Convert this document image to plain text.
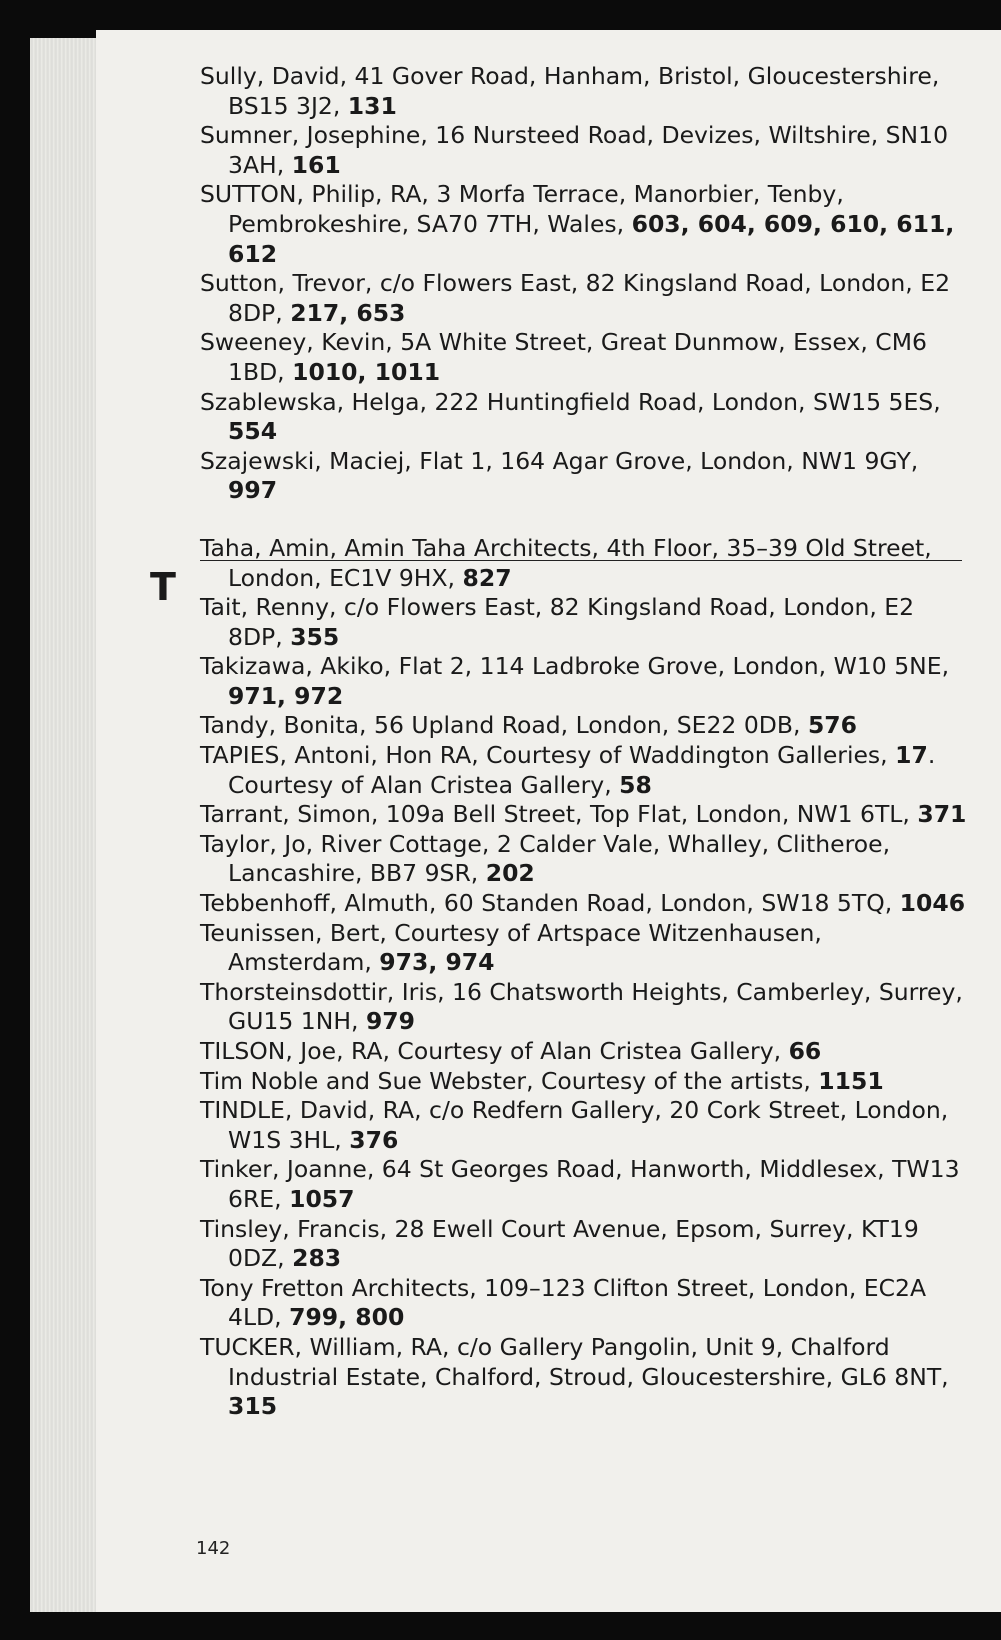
T
Sully, David, 41 Gover Road, Hanham, Bristol, Gloucestershire, BS15 3J2, 131
Sumner, Josephine, 16 Nursteed Road, Devizes, Wiltshire, SN10 3AH, 161
SUTTON, Philip, RA, 3 Morfa Terrace, Manorbier, Tenby, Pembrokeshire, SA70 7TH, Wales, 603, 604, 609, 610, 611, 612
Sutton, Trevor, c/o Flowers East, 82 Kingsland Road, London, E2 8DP, 217, 653
Sweeney, Kevin, 5A White Street, Great Dunmow, Essex, CM6 1BD, 1010, 1011
Szablewska, Helga, 222 Huntingfield Road, London, SW15 5ES, 554
Szajewski, Maciej, Flat 1, 164 Agar Grove, London, NW1 9GY, 997
Taha, Amin, Amin Taha Architects, 4th Floor, 35–39 Old Street, London, EC1V 9HX, 827
Tait, Renny, c/o Flowers East, 82 Kingsland Road, London, E2 8DP, 355
Takizawa, Akiko, Flat 2, 114 Ladbroke Grove, London, W10 5NE, 971, 972
Tandy, Bonita, 56 Upland Road, London, SE22 0DB, 576
TAPIES, Antoni, Hon RA, Courtesy of Waddington Galleries, 17. Courtesy of Alan Cristea Gallery, 58
Tarrant, Simon, 109a Bell Street, Top Flat, London, NW1 6TL, 371
Taylor, Jo, River Cottage, 2 Calder Vale, Whalley, Clitheroe, Lancashire, BB7 9SR, 202
Tebbenhoff, Almuth, 60 Standen Road, London, SW18 5TQ, 1046
Teunissen, Bert, Courtesy of Artspace Witzenhausen, Amsterdam, 973, 974
Thorsteinsdottir, Iris, 16 Chatsworth Heights, Camberley, Surrey, GU15 1NH, 979
TILSON, Joe, RA, Courtesy of Alan Cristea Gallery, 66
Tim Noble and Sue Webster, Courtesy of the artists, 1151
TINDLE, David, RA, c/o Redfern Gallery, 20 Cork Street, London, W1S 3HL, 376
Tinker, Joanne, 64 St Georges Road, Hanworth, Middlesex, TW13 6RE, 1057
Tinsley, Francis, 28 Ewell Court Avenue, Epsom, Surrey, KT19 0DZ, 283
Tony Fretton Architects, 109–123 Clifton Street, London, EC2A 4LD, 799, 800
TUCKER, William, RA, c/o Gallery Pangolin, Unit 9, Chalford Industrial Estate, Chalford, Stroud, Gloucestershire, GL6 8NT, 315
142
